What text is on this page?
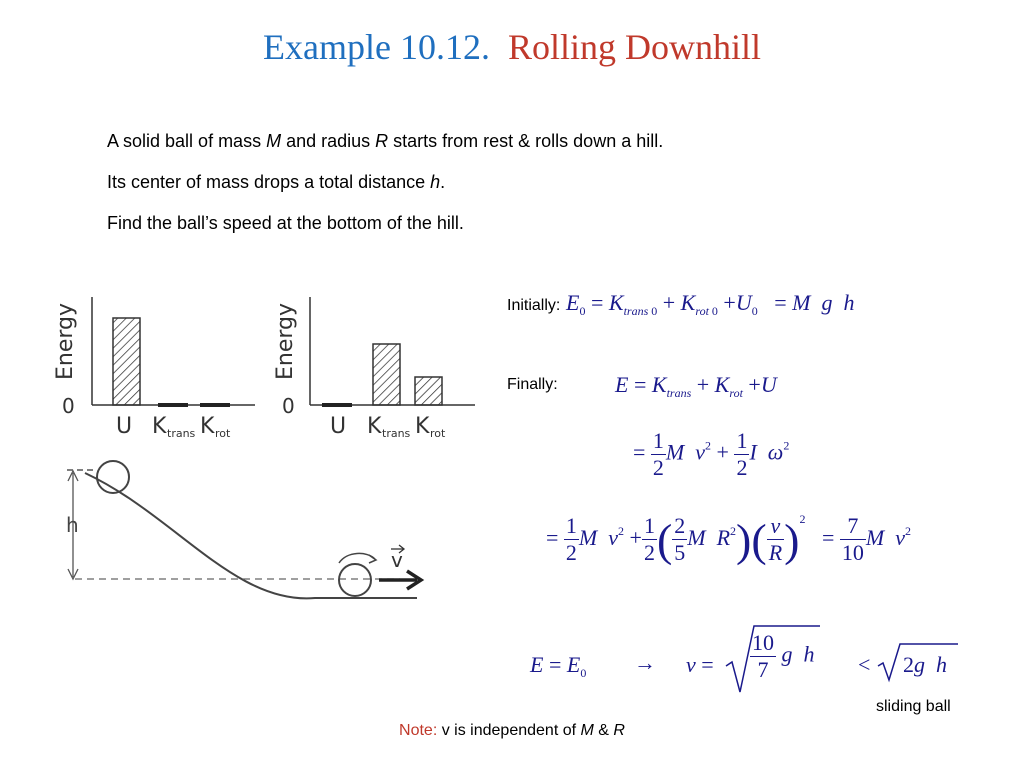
Example 10.12. Rolling Downhill
A solid ball of mass M and radius R starts from rest & rolls down a hill.
Its center of mass drops a total distance h.
Find the ball’s speed at the bottom of the hill.
Energy
0
U K trans K rot
Energy
0
U K trans K rot
h
v
Initially:
Finally:
sliding ball
$E_0 = K_{trans}$ $_0 + K_{rot}$ $_0 +U_0 = M$ g h
$E = K_{trans} + K_{rot} +U$
= $\frac{1}{2}$ M $v^2 + \frac{1}{2}$ I $\omega^2$
= $\frac{1}{2}$ M $v^2 + \frac{1}{2}$ ( $\frac{2}{5}$ M $R^2)( \frac{v}{R} )^2 = \frac{7}{10}$ M $v^2$
$E = E_0 \to v = \frac{10}{7}$ g h < 2g h
Note: v is independent of M & R
